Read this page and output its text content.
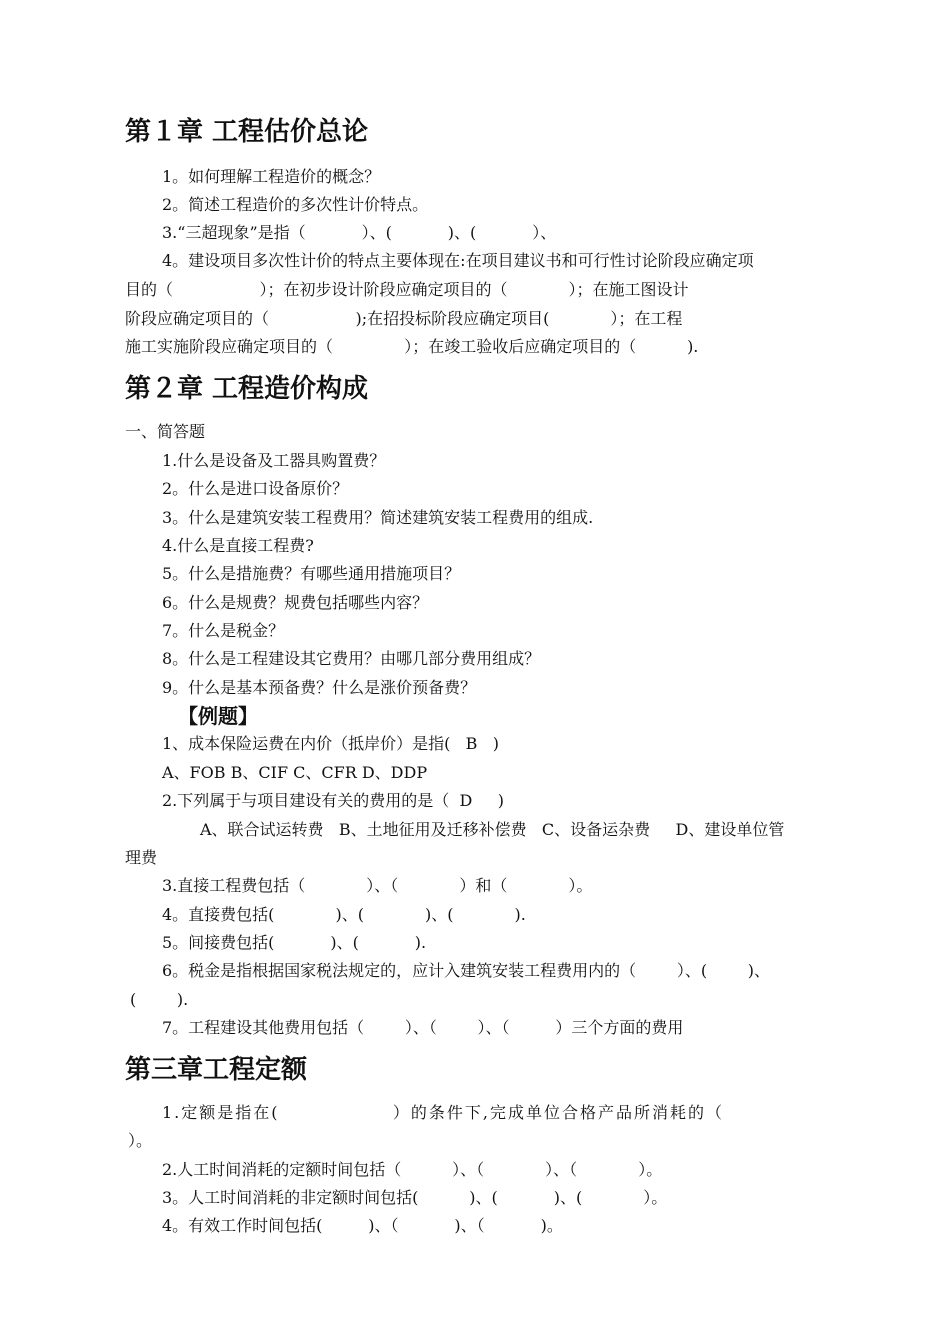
第１章 工程估价总论

1。如何理解工程造价的概念？

2。简述工程造价的多次性计价特点。

3.“三超现象”是指（           ）、(           )、(           ）、

4。建设项目多次性计价的特点主要体现在:在项目建议书和可行性讨论阶段应确定项

目的（                 ）；在初步设计阶段应确定项目的（            ）；在施工图设计

阶段应确定项目的（                 );在招投标阶段应确定项目(            ）；在工程

施工实施阶段应确定项目的（              ）；在竣工验收后应确定项目的（          ).

第２章 工程造价构成

一、简答题

1.什么是设备及工器具购置费？

2。什么是进口设备原价？

3。什么是建筑安装工程费用？简述建筑安装工程费用的组成.

4.什么是直接工程费?

5。什么是措施费？有哪些通用措施项目？

6。什么是规费？规费包括哪些内容？

7。什么是税金？

8。什么是工程建设其它费用？由哪几部分费用组成？

9。什么是基本预备费？什么是涨价预备费？

【例题】

1、成本保险运费在内价（抵岸价）是指(   B   )

A、FOB B、CIF C、CFR D、DDP

2.下列属于与项目建设有关的费用的是（  D     )

A、联合试运转费   B、土地征用及迁移补偿费   C、设备运杂费     D、建设单位管

理费

3.直接工程费包括（            ）、（            ）和（            ）。

4。直接费包括(            )、(            )、(            ).

5。间接费包括(           )、(           ).

6。税金是指根据国家税法规定的，应计入建筑安装工程费用内的（        ）、(        )、

(        ).

7。工程建设其他费用包括（        ）、（        ）、（         ）三个方面的费用

第三章工程定额

1.定额是指在(                ）的条件下,完成单位合格产品所消耗的（

）。

2.人工时间消耗的定额时间包括（          ）、（            ）、（            ）。

3。人工时间消耗的非定额时间包括(          )、(           )、(            ）。

4。有效工作时间包括(         )、（           )、（           )。
